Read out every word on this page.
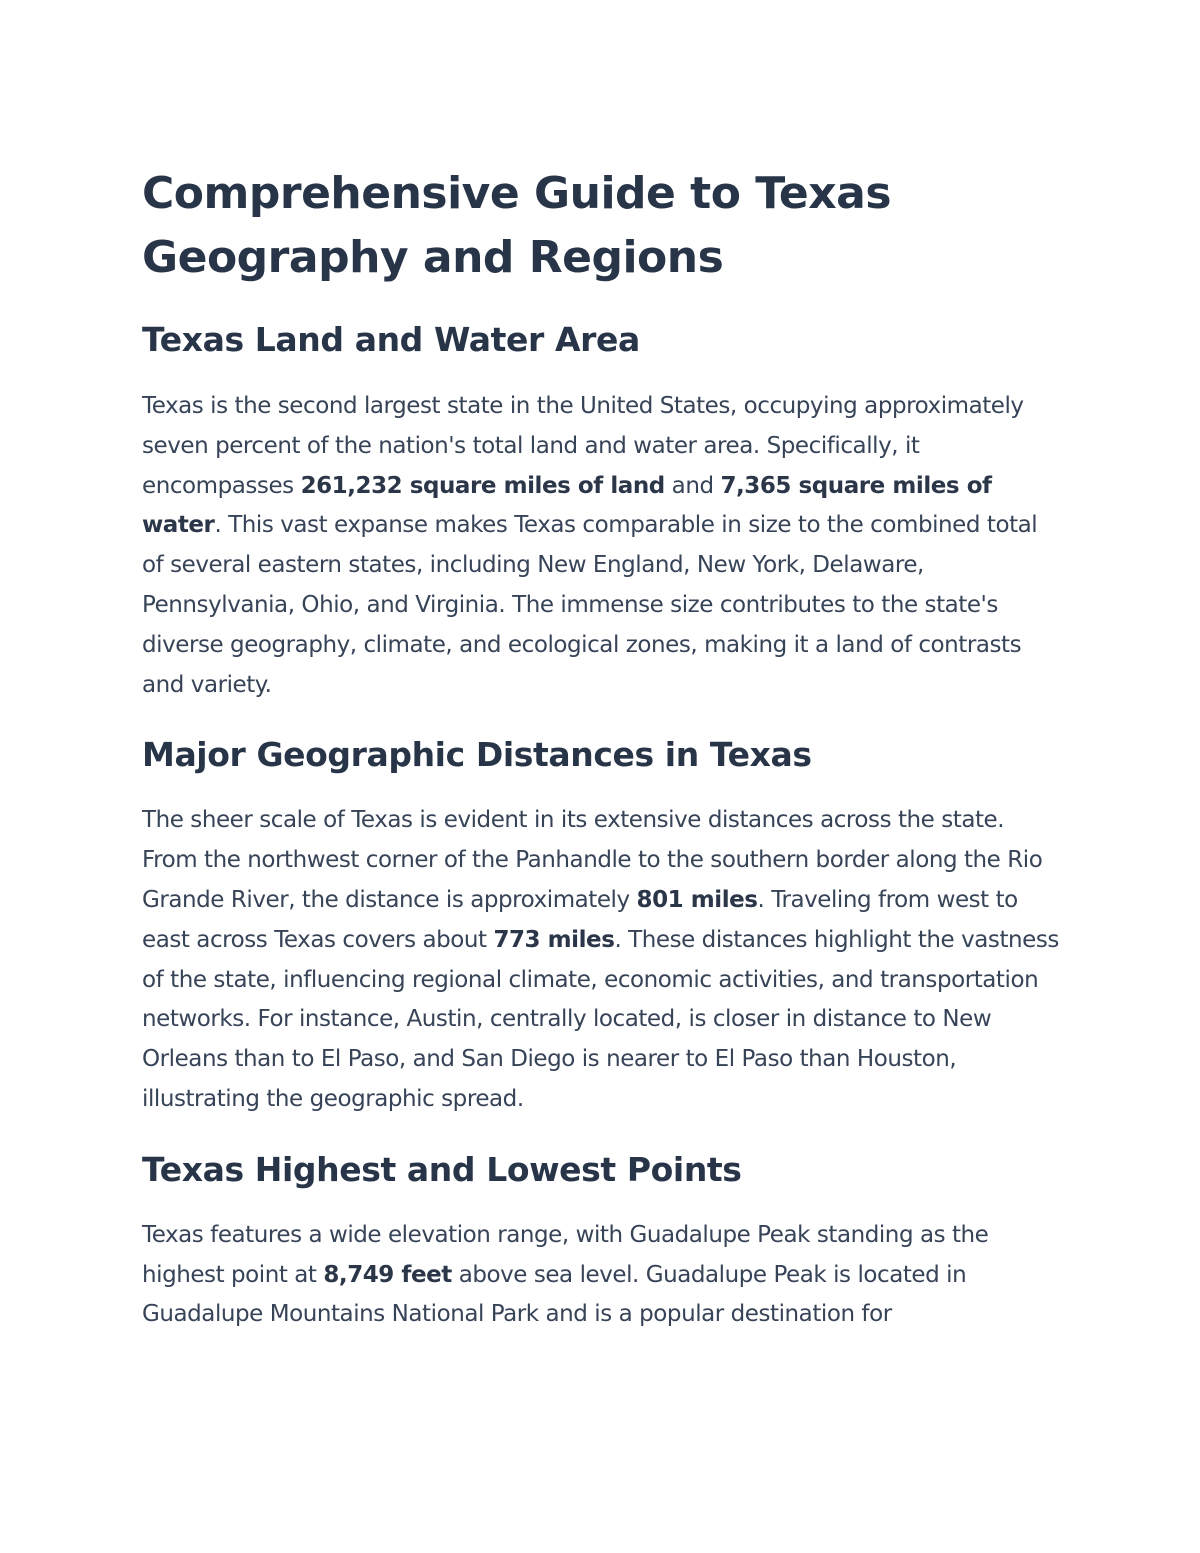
Comprehensive Guide to Texas Geography and Regions
Texas Land and Water Area

Texas is the second largest state in the United States, occupying approximately seven percent of the nation's total land and water area. Specifically, it encompasses 261,232 square miles of land and 7,365 square miles of water. This vast expanse makes Texas comparable in size to the combined total of several eastern states, including New England, New York, Delaware, Pennsylvania, Ohio, and Virginia. The immense size contributes to the state's diverse geography, climate, and ecological zones, making it a land of contrasts and variety.

Major Geographic Distances in Texas

The sheer scale of Texas is evident in its extensive distances across the state. From the northwest corner of the Panhandle to the southern border along the Rio Grande River, the distance is approximately 801 miles. Traveling from west to east across Texas covers about 773 miles. These distances highlight the vastness of the state, influencing regional climate, economic activities, and transportation networks. For instance, Austin, centrally located, is closer in distance to New Orleans than to El Paso, and San Diego is nearer to El Paso than Houston, illustrating the geographic spread.

Texas Highest and Lowest Points

Texas features a wide elevation range, with Guadalupe Peak standing as the highest point at 8,749 feet above sea level. Guadalupe Peak is located in Guadalupe Mountains National Park and is a popular destination for
